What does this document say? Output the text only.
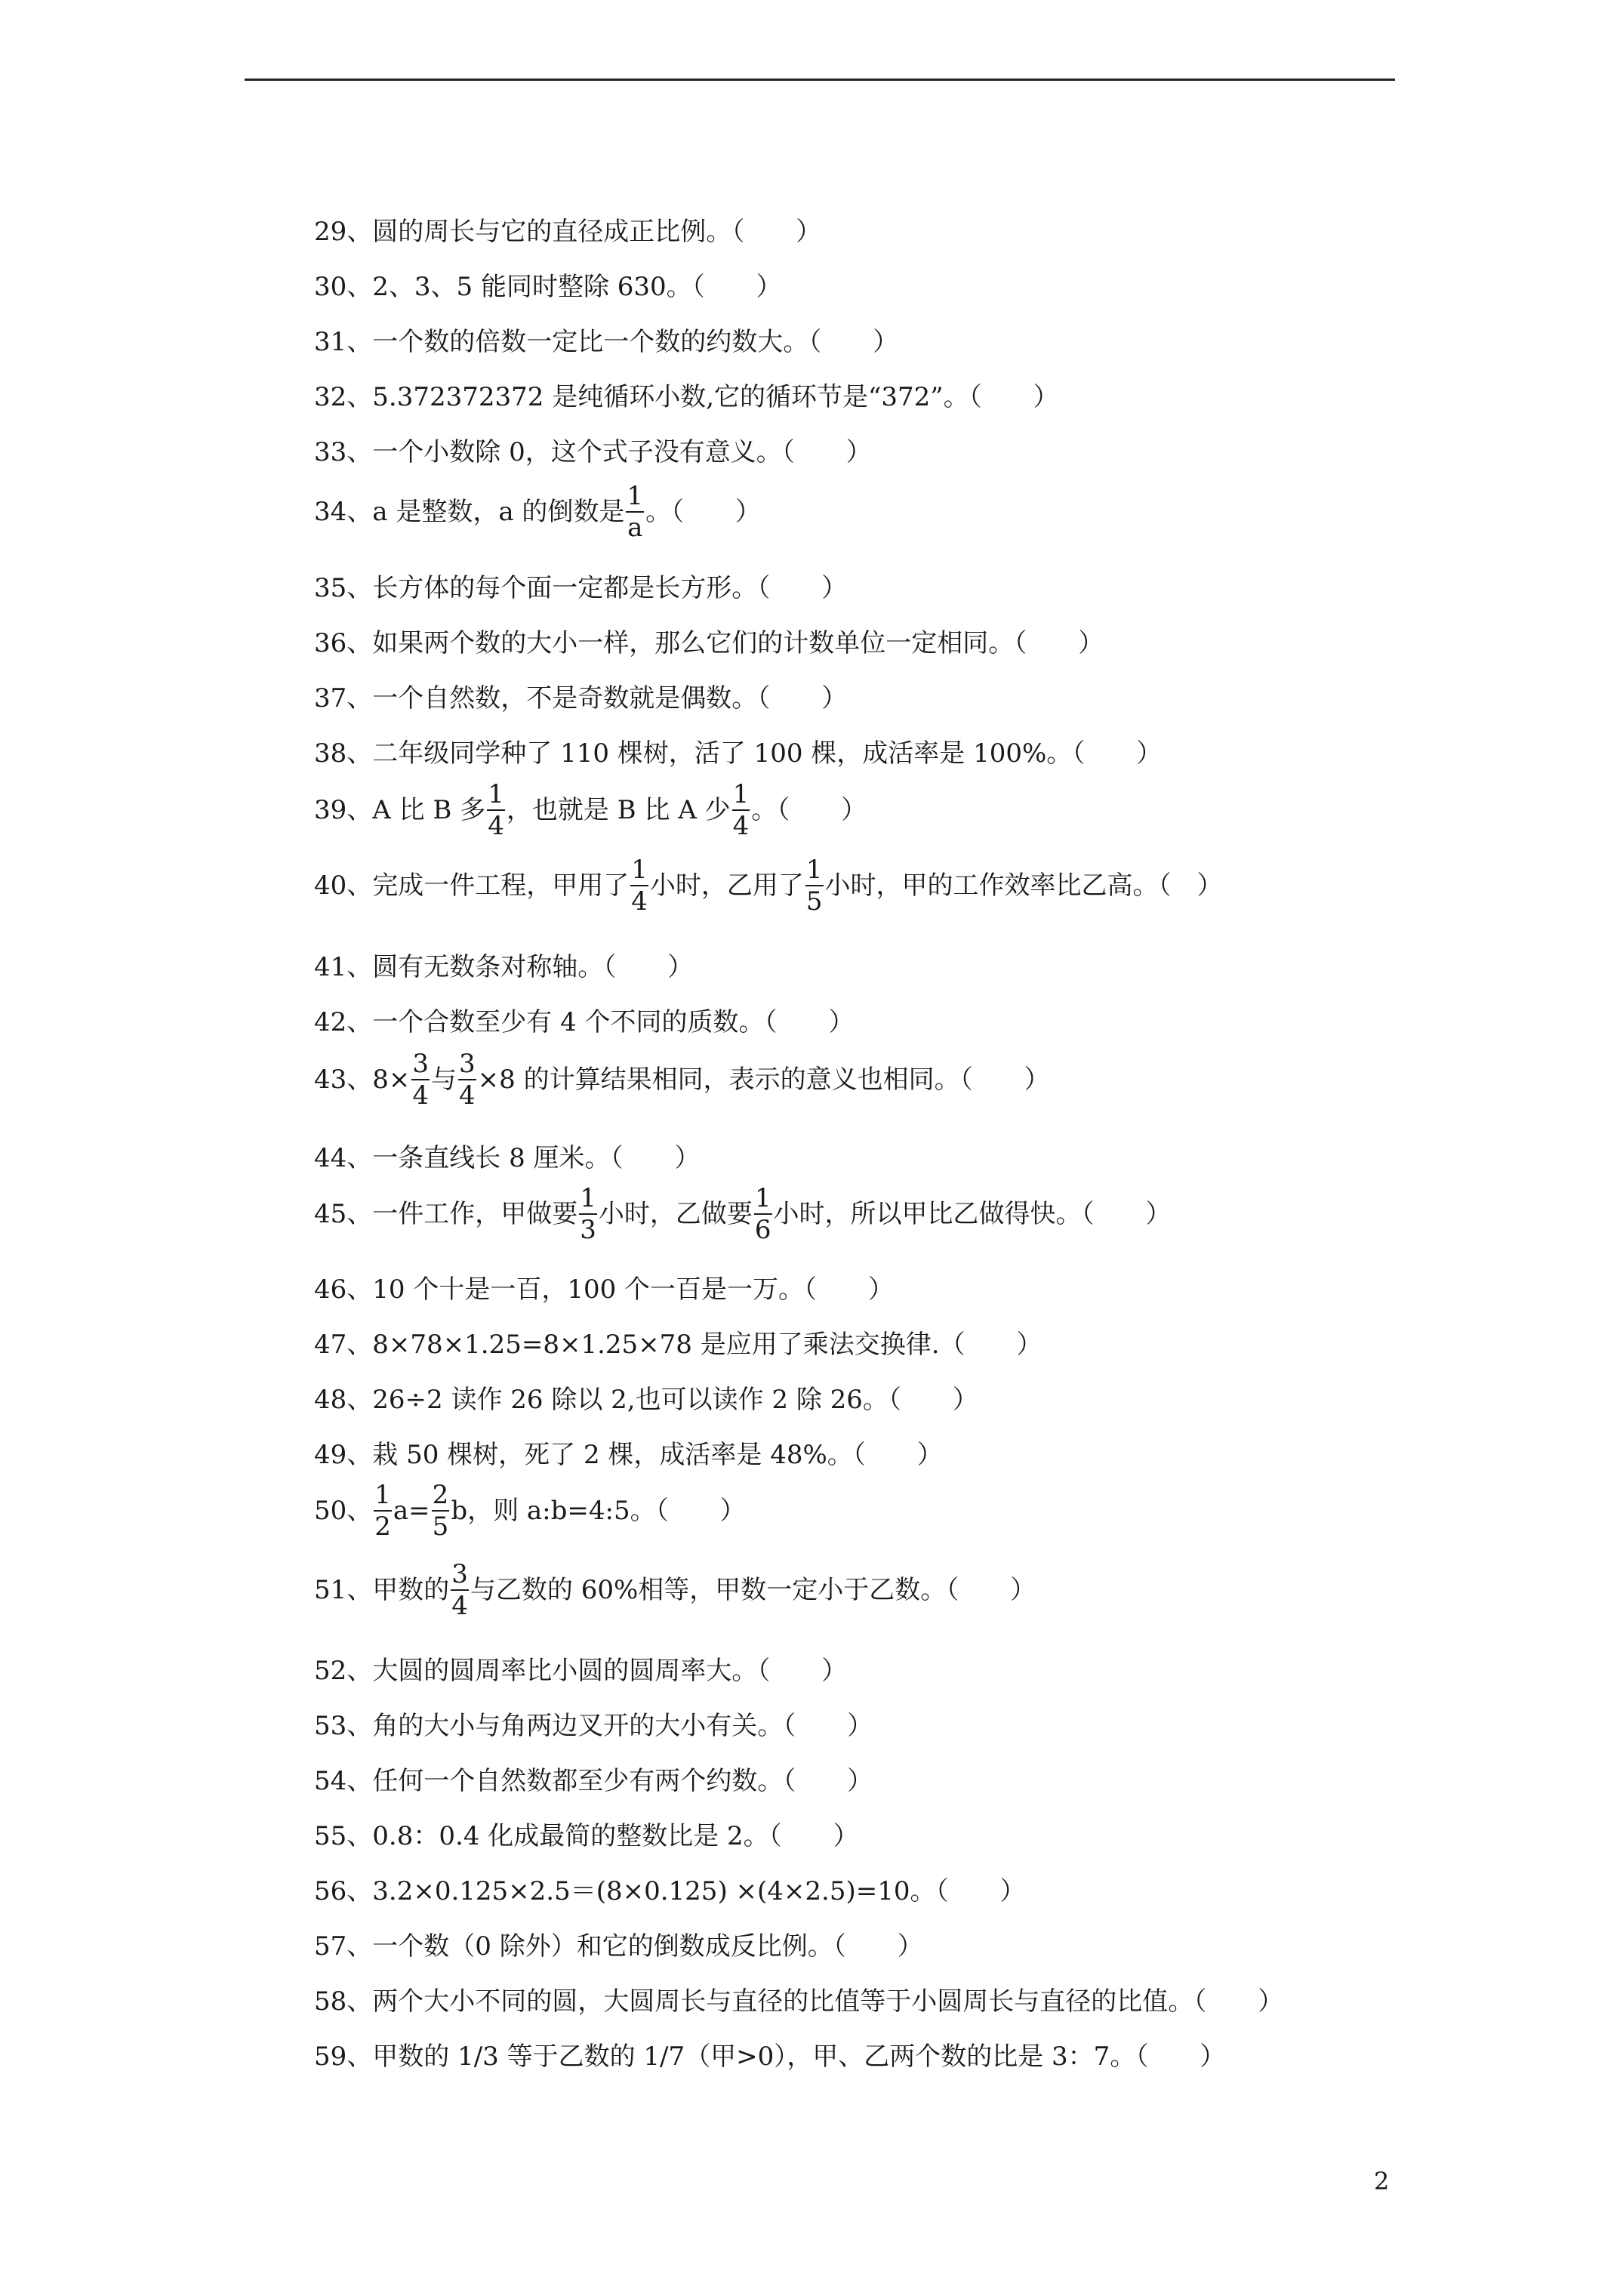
29、 圆的周长与它的直径成正比例。（　　）
30、 2、3、5 能同时整除 630。（　　）
31、 一个数的倍数一定比一个数的约数大。（　　）
32、 5.372372372 是纯循环小数,它的循环节是“372”。（　　）
33、 一个小数除 0，这个式子没有意义。（　　）
34、 a 是整数，a 的倒数是 $\frac{1}{a}$ 。（　　）
35、 长方体的每个面一定都是长方形。（　　）
36、 如果两个数的大小一样，那么它们的计数单位一定相同。（　　）
37、 一个自然数，不是奇数就是偶数。（　　）
38、 二年级同学种了 110 棵树，活了 100 棵，成活率是 100%。（　　）
39、 A 比 B 多 $\frac{1}{4}$ ，也就是 B 比 A 少 $\frac{1}{4}$ 。（　　）
40、 完成一件工程，甲用了 $\frac{1}{4}$ 小时，乙用了 $\frac{1}{5}$ 小时，甲的工作效率比乙高。（　）
41、 圆有无数条对称轴。（　　）
42、 一个合数至少有 4 个不同的质数。（　　）
43、 $8\times \frac{3}{4}$ 与 $\frac{3}{4} \times 8$ 的计算结果相同，表示的意义也相同。（　　）
44、 一条直线长 8 厘米。（　　）
45、 一件工作，甲做要 $\frac{1}{3}$ 小时，乙做要 $\frac{1}{6}$ 小时，所以甲比乙做得快。（　　）
46、 10 个十是一百，100 个一百是一万。（　　）
47、 8×78×1.25=8×1.25×78 是应用了乘法交换律.（　　）
48、 26÷2 读作 26 除以 2,也可以读作 2 除 26。（　　）
49、 栽 50 棵树，死了 2 棵，成活率是 48%。（　　）
50、 $\frac{1}{2} a= \frac{2}{5}$ b，则 a:b=4:5。（　　）
51、 甲数的 $\frac{3}{4}$ 与乙数的 60%相等，甲数一定小于乙数。（　　）
52、 大圆的圆周率比小圆的圆周率大。（　　）
53、 角的大小与角两边叉开的大小有关。（　　）
54、 任何一个自然数都至少有两个约数。（　　）
55、 0.8：0.4 化成最简的整数比是 2。（　　）
56、 3.2×0.125×2.5＝(8×0.125) ×(4×2.5)=10。（　　）
57、 一个数（0 除外）和它的倒数成反比例。（　　）
58、 两个大小不同的圆，大圆周长与直径的比值等于小圆周长与直径的比值。（　　）
59、 甲数的 1/3 等于乙数的 1/7（甲>0），甲、乙两个数的比是 3：7。（　　）
2
